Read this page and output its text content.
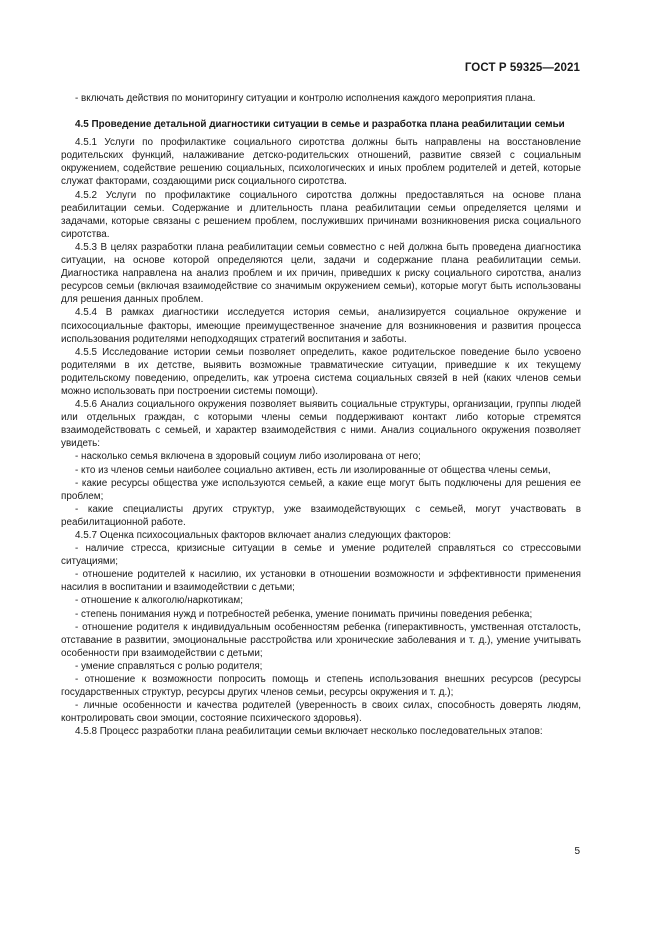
ГОСТ Р 59325—2021

- включать действия по мониторингу ситуации и контролю исполнения каждого мероприятия плана.

4.5 Проведение детальной диагностики ситуации в семье и разработка плана реабилитации семьи

4.5.1 Услуги по профилактике социального сиротства должны быть направлены на восстановление родительских функций, налаживание детско-родительских отношений, развитие связей с социальным окружением, содействие решению социальных, психологических и иных проблем родителей и детей, которые служат факторами, создающими риск социального сиротства.

4.5.2 Услуги по профилактике социального сиротства должны предоставляться на основе плана реабилитации семьи. Содержание и длительность плана реабилитации семьи определяется целями и задачами, которые связаны с решением проблем, послуживших причинами возникновения риска социального сиротства.

4.5.3 В целях разработки плана реабилитации семьи совместно с ней должна быть проведена диагностика ситуации, на основе которой определяются цели, задачи и содержание плана реабилитации семьи. Диагностика направлена на анализ проблем и их причин, приведших к риску социального сиротства, анализ ресурсов семьи (включая взаимодействие со значимым окружением семьи), которые могут быть использованы для решения данных проблем.

4.5.4 В рамках диагностики исследуется история семьи, анализируется социальное окружение и психосоциальные факторы, имеющие преимущественное значение для возникновения и развития процесса использования родителями неподходящих стратегий воспитания и заботы.

4.5.5 Исследование истории семьи позволяет определить, какое родительское поведение было усвоено родителями в их детстве, выявить возможные травматические ситуации, приведшие к их текущему родительскому поведению, определить, как утроена система социальных связей в ней (каких членов семьи можно использовать при построении системы помощи).

4.5.6 Анализ социального окружения позволяет выявить социальные структуры, организации, группы людей или отдельных граждан, с которыми члены семьи поддерживают контакт либо которые стремятся взаимодействовать с семьей, и характер взаимодействия с ними. Анализ социального окружения позволяет увидеть:

- насколько семья включена в здоровый социум либо изолирована от него;

- кто из членов семьи наиболее социально активен, есть ли изолированные от общества члены семьи,

- какие ресурсы общества уже используются семьей, а какие еще могут быть подключены для решения ее проблем;

- какие специалисты других структур, уже взаимодействующих с семьей, могут участвовать в реабилитационной работе.

4.5.7 Оценка психосоциальных факторов включает анализ следующих факторов:

- наличие стресса, кризисные ситуации в семье и умение родителей справляться со стрессовыми ситуациями;

- отношение родителей к насилию, их установки в отношении возможности и эффективности применения насилия в воспитании и взаимодействии с детьми;

- отношение к алкоголю/наркотикам;

- степень понимания нужд и потребностей ребенка, умение понимать причины поведения ребенка;

- отношение родителя к индивидуальным особенностям ребенка (гиперактивность, умственная отсталость, отставание в развитии, эмоциональные расстройства или хронические заболевания и т. д.), умение учитывать особенности при взаимодействии с детьми;

- умение справляться с ролью родителя;

- отношение к возможности попросить помощь и степень использования внешних ресурсов (ресурсы государственных структур, ресурсы других членов семьи, ресурсы окружения и т. д.);

- личные особенности и качества родителей (уверенность в своих силах, способность доверять людям, контролировать свои эмоции, состояние психического здоровья).

4.5.8 Процесс разработки плана реабилитации семьи включает несколько последовательных этапов:

5
